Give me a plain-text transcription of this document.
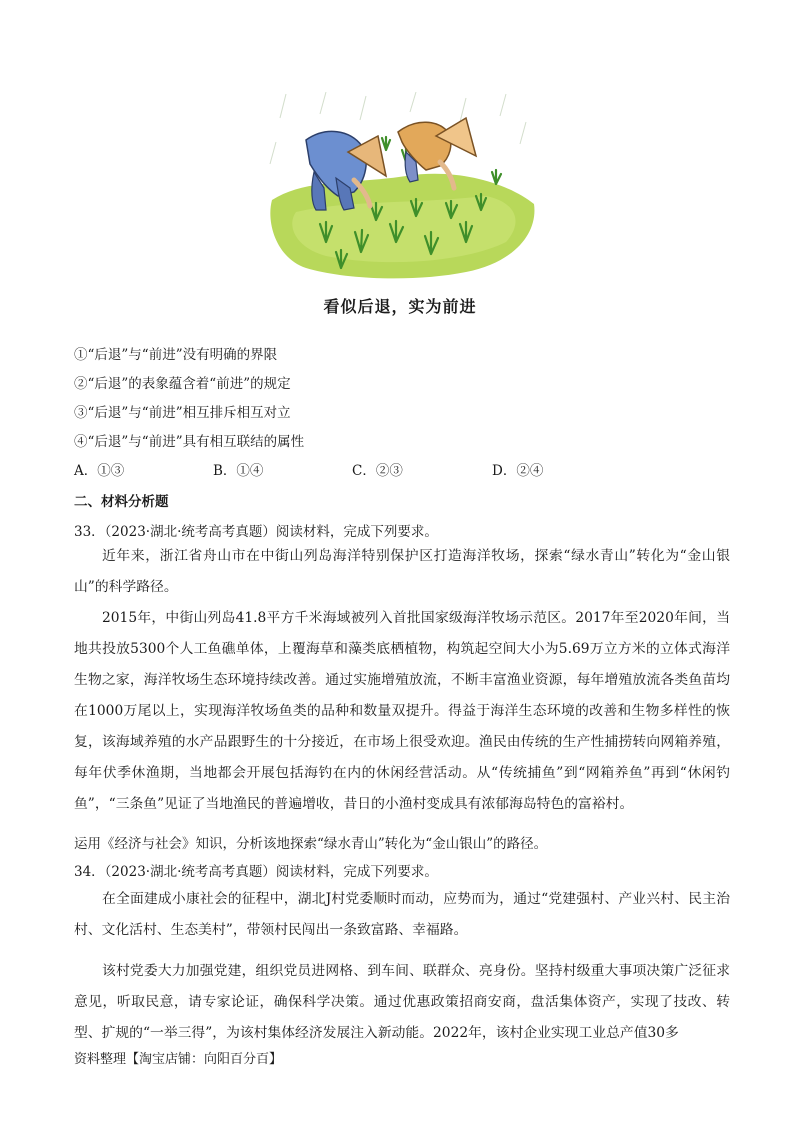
看似后退，实为前进
①“后退”与“前进”没有明确的界限
②“后退”的表象蕴含着“前进”的规定
③“后退”与“前进”相互排斥相互对立
④“后退”与“前进”具有相互联结的属性
A．①③	B．①④	C．②③	D．②④
二、材料分析题
33．（2023·湖北·统考高考真题）阅读材料，完成下列要求。
近年来，浙江省舟山市在中街山列岛海洋特别保护区打造海洋牧场，探索“绿水青山”转化为“金山银山”的科学路径。
2015年，中街山列岛41.8平方千米海域被列入首批国家级海洋牧场示范区。2017年至2020年间，当地共投放5300个人工鱼礁单体，上覆海草和藻类底栖植物，构筑起空间大小为5.69万立方米的立体式海洋生物之家，海洋牧场生态环境持续改善。通过实施增殖放流，不断丰富渔业资源，每年增殖放流各类鱼苗均在1000万尾以上，实现海洋牧场鱼类的品种和数量双提升。得益于海洋生态环境的改善和生物多样性的恢复，该海域养殖的水产品跟野生的十分接近，在市场上很受欢迎。渔民由传统的生产性捕捞转向网箱养殖，每年伏季休渔期，当地都会开展包括海钓在内的休闲经营活动。从“传统捕鱼”到“网箱养鱼”再到“休闲钓鱼”，“三条鱼”见证了当地渔民的普遍增收，昔日的小渔村变成具有浓郁海岛特色的富裕村。
运用《经济与社会》知识，分析该地探索“绿水青山”转化为“金山银山”的路径。
34．（2023·湖北·统考高考真题）阅读材料，完成下列要求。
在全面建成小康社会的征程中，湖北J村党委顺时而动，应势而为，通过“党建强村、产业兴村、民主治村、文化活村、生态美村”，带领村民闯出一条致富路、幸福路。
该村党委大力加强党建，组织党员进网格、到车间、联群众、亮身份。坚持村级重大事项决策广泛征求意见，听取民意，请专家论证，确保科学决策。通过优惠政策招商安商，盘活集体资产，实现了技改、转型、扩规的“一举三得”，为该村集体经济发展注入新动能。2022年，该村企业实现工业总产值30多
资料整理【淘宝店铺：向阳百分百】
